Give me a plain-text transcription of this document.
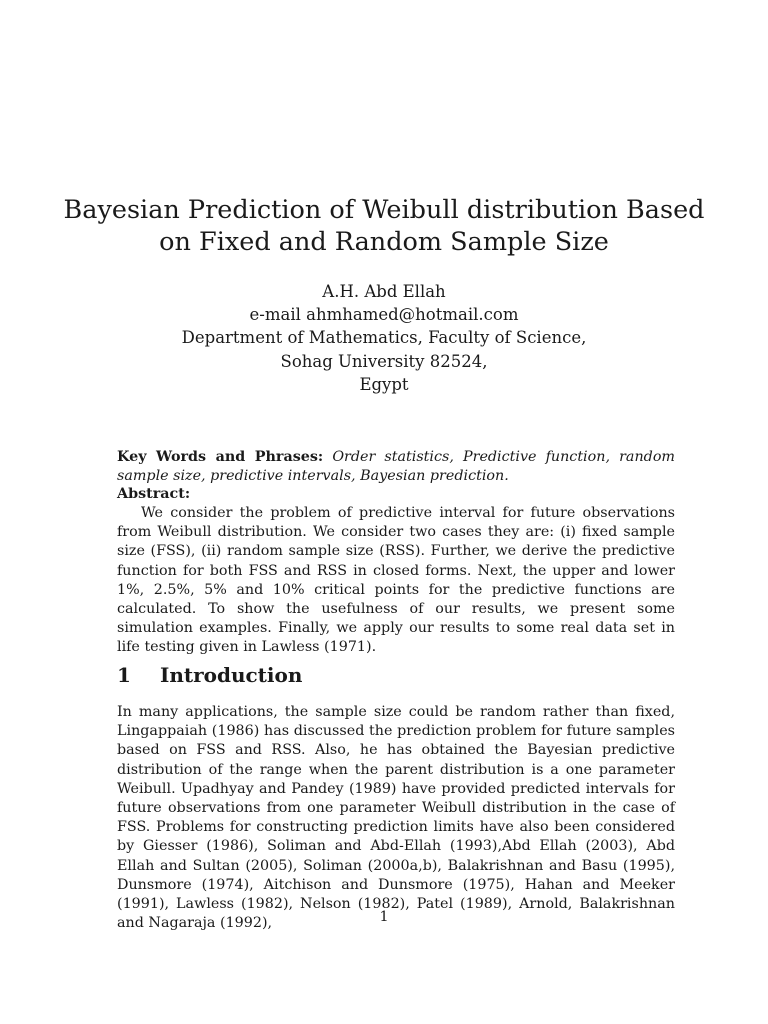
Bayesian Prediction of Weibull distribution Based
on Fixed and Random Sample Size
A.H. Abd Ellah
e-mail ahmhamed@hotmail.com
Department of Mathematics, Faculty of Science,
Sohag University 82524,
Egypt
Key Words and Phrases: Order statistics, Predictive function, random sample size, predictive intervals, Bayesian prediction.
Abstract:
We consider the problem of predictive interval for future observations from Weibull distribution. We consider two cases they are: (i) fixed sample size (FSS), (ii) random sample size (RSS). Further, we derive the predictive function for both FSS and RSS in closed forms. Next, the upper and lower 1%, 2.5%, 5% and 10% critical points for the predictive functions are calculated. To show the usefulness of our results, we present some simulation examples. Finally, we apply our results to some real data set in life testing given in Lawless (1971).
1 Introduction
In many applications, the sample size could be random rather than fixed, Lingappaiah (1986) has discussed the prediction problem for future samples based on FSS and RSS. Also, he has obtained the Bayesian predictive distribution of the range when the parent distribution is a one parameter Weibull. Upadhyay and Pandey (1989) have provided predicted intervals for future observations from one parameter Weibull distribution in the case of FSS. Problems for constructing prediction limits have also been considered by Giesser (1986), Soliman and Abd-Ellah (1993),Abd Ellah (2003), Abd Ellah and Sultan (2005), Soliman (2000a,b), Balakrishnan and Basu (1995), Dunsmore (1974), Aitchison and Dunsmore (1975), Hahan and Meeker (1991), Lawless (1982), Nelson (1982), Patel (1989), Arnold, Balakrishnan and Nagaraja (1992),	1
